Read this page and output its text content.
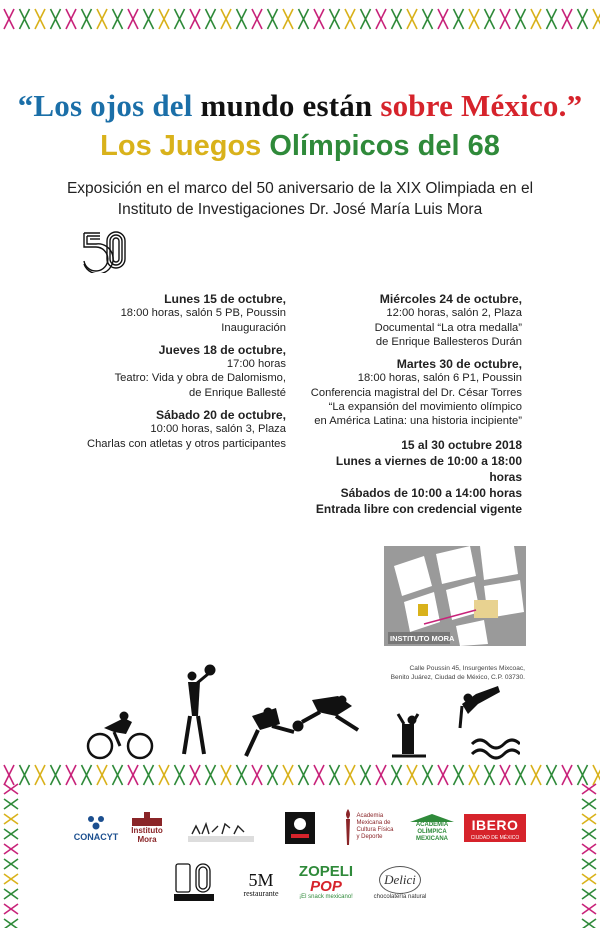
“Los ojos del mundo están sobre México.”
Los Juegos Olímpicos del 68
Exposición en el marco del 50 aniversario de la XIX Olimpiada en el
Instituto de Investigaciones Dr. José María Luis Mora
Lunes 15 de octubre,
18:00 horas, salón 5 PB, Poussin
Inauguración
Jueves 18 de octubre,
17:00 horas
Teatro: Vida y obra de Dalomismo,
de Enrique Ballesté
Sábado 20 de octubre,
10:00 horas, salón 3, Plaza
Charlas con atletas y otros participantes
Miércoles 24 de octubre,
12:00 horas, salón 2, Plaza
Documental “La otra medalla”
de Enrique Ballesteros Durán
Martes 30 de octubre,
18:00 horas, salón 6 P1, Poussin
Conferencia magistral del Dr. César Torres
“La expansión del movimiento olímpico
en América Latina: una historia incipiente”
15 al 30 octubre 2018
Lunes a viernes de 10:00 a 18:00 horas
Sábados de 10:00 a 14:00 horas
Entrada libre con credencial vigente
INSTITUTO MORA
Calle Poussin 45, Insurgentes Mixcoac,
Benito Juárez, Ciudad de México, C.P. 03730.
CONACYT
Instituto
Mora
Academia
Mexicana de
Cultura Física
y Deporte
ACADEMIA
OLÍMPICA
MEXICANA
IBERO
CIUDAD DE MÉXICO
5M
restaurante
ZOPELI
POP
¡El snack mexicano!
Delici
chocolatería natural
